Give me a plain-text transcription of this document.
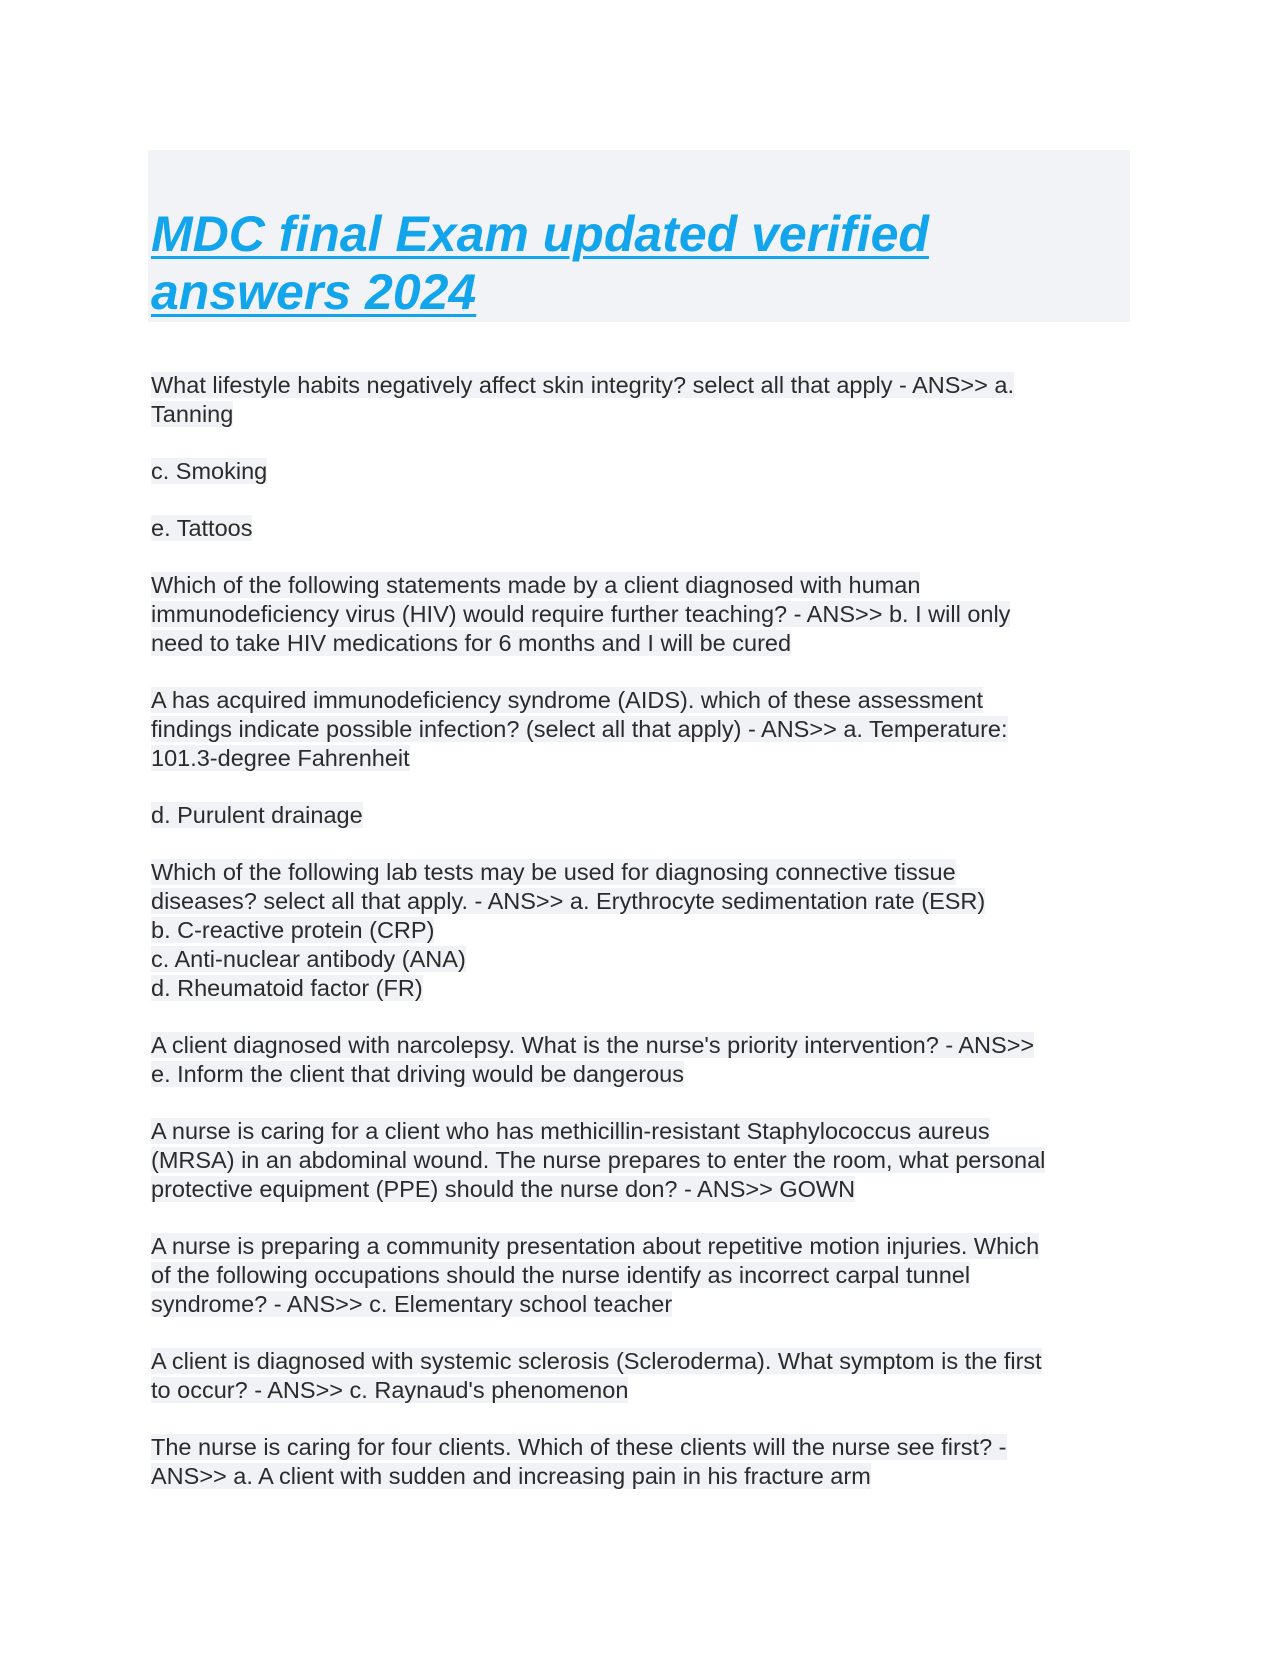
MDC final Exam updated verified
answers 2024

What lifestyle habits negatively affect skin integrity? select all that apply - ANS>> a.
Tanning

c. Smoking

e. Tattoos

Which of the following statements made by a client diagnosed with human
immunodeficiency virus (HIV) would require further teaching? - ANS>> b. I will only
need to take HIV medications for 6 months and I will be cured

A has acquired immunodeficiency syndrome (AIDS). which of these assessment
findings indicate possible infection? (select all that apply) - ANS>> a. Temperature:
101.3-degree Fahrenheit

d. Purulent drainage

Which of the following lab tests may be used for diagnosing connective tissue
diseases? select all that apply. - ANS>> a. Erythrocyte sedimentation rate (ESR)
b. C-reactive protein (CRP)
c. Anti-nuclear antibody (ANA)
d. Rheumatoid factor (FR)

A client diagnosed with narcolepsy. What is the nurse's priority intervention? - ANS>>
e. Inform the client that driving would be dangerous

A nurse is caring for a client who has methicillin-resistant Staphylococcus aureus
(MRSA) in an abdominal wound. The nurse prepares to enter the room, what personal
protective equipment (PPE) should the nurse don? - ANS>> GOWN

A nurse is preparing a community presentation about repetitive motion injuries. Which
of the following occupations should the nurse identify as incorrect carpal tunnel
syndrome? - ANS>> c. Elementary school teacher

A client is diagnosed with systemic sclerosis (Scleroderma). What symptom is the first
to occur? - ANS>> c. Raynaud's phenomenon

The nurse is caring for four clients. Which of these clients will the nurse see first? -
ANS>> a. A client with sudden and increasing pain in his fracture arm
